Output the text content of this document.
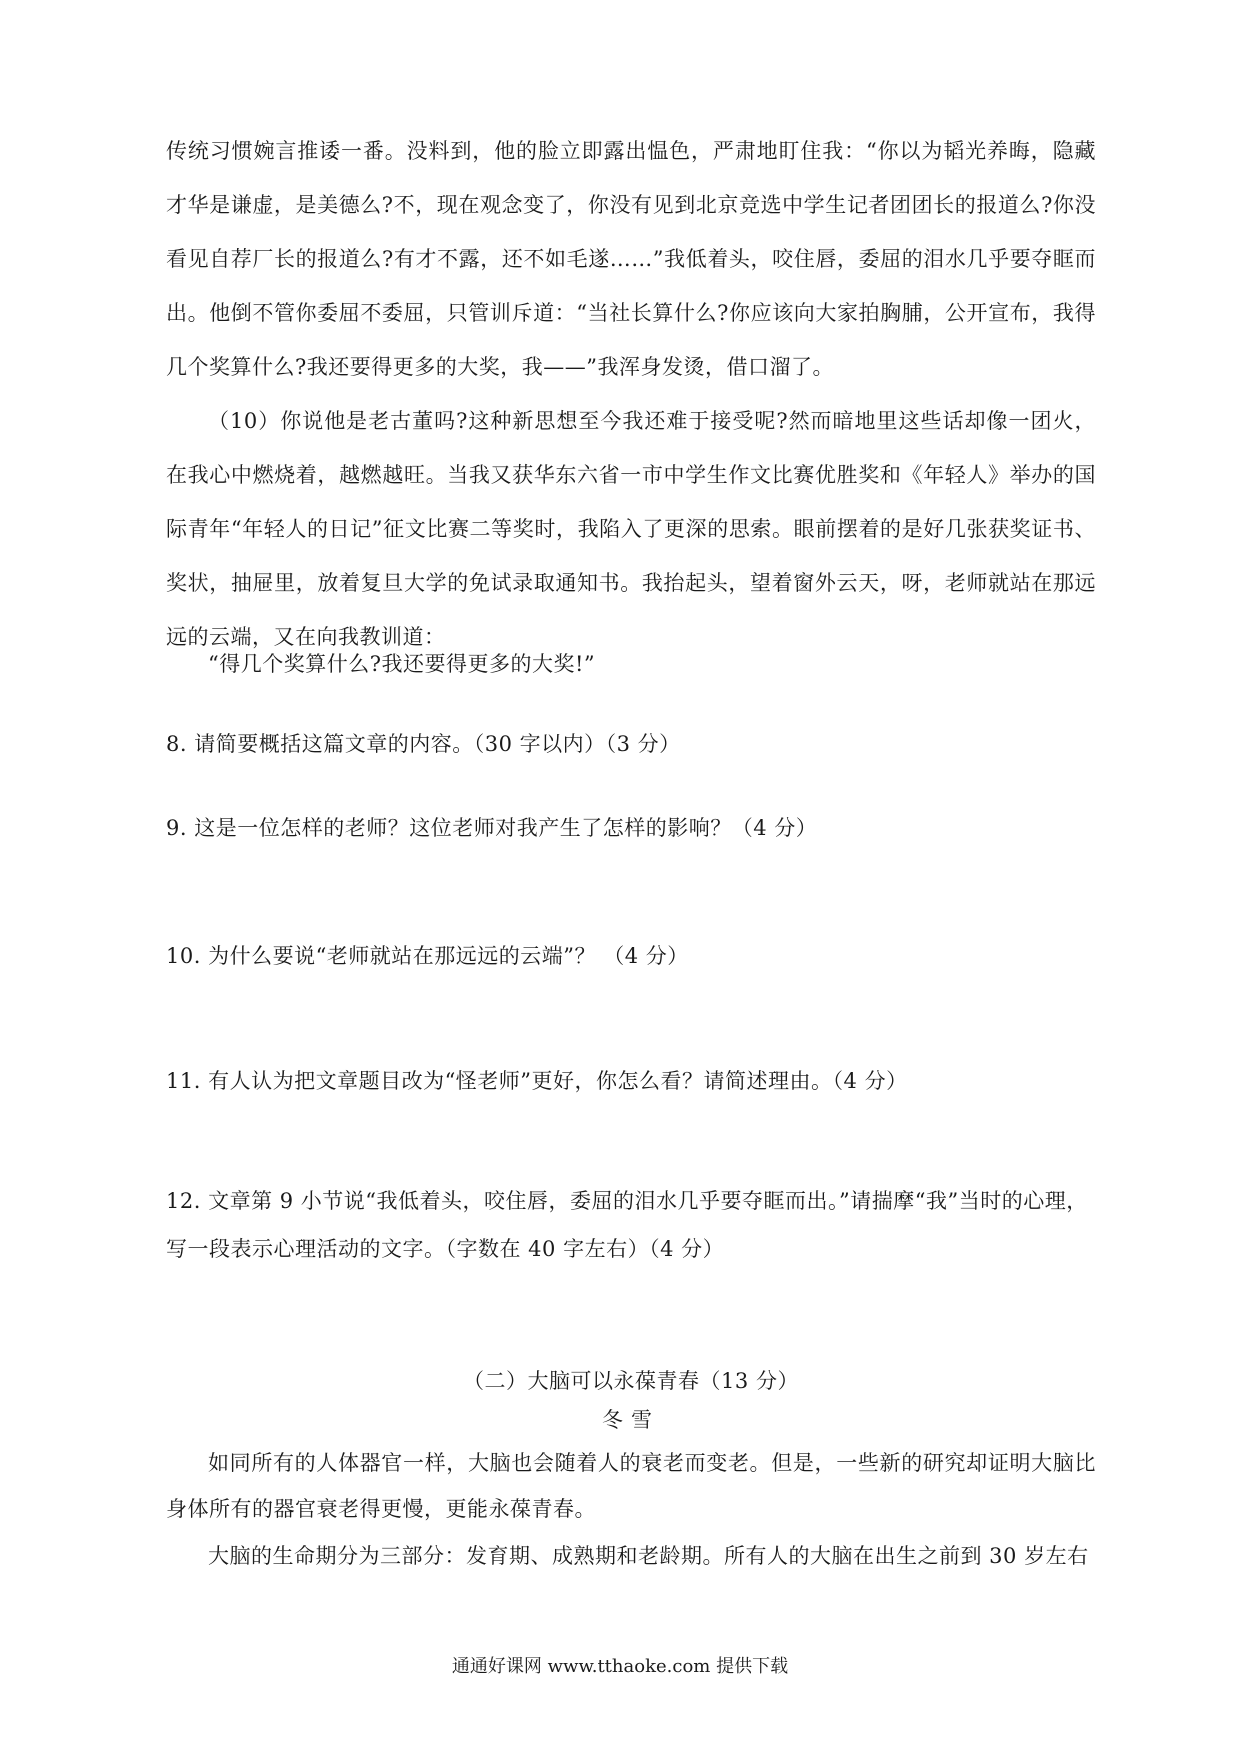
传统习惯婉言推诿一番。没料到，他的脸立即露出愠色，严肃地盯住我：“你以为韬光养晦，隐藏才华是谦虚，是美德么?不，现在观念变了，你没有见到北京竞选中学生记者团团长的报道么?你没看见自荐厂长的报道么?有才不露，还不如毛遂……”我低着头，咬住唇，委屈的泪水几乎要夺眶而出。他倒不管你委屈不委屈，只管训斥道：“当社长算什么?你应该向大家拍胸脯，公开宣布，我得几个奖算什么?我还要得更多的大奖，我——”我浑身发烫，借口溜了。

（10）你说他是老古董吗?这种新思想至今我还难于接受呢?然而暗地里这些话却像一团火，在我心中燃烧着，越燃越旺。当我又获华东六省一市中学生作文比赛优胜奖和《年轻人》举办的国际青年“年轻人的日记”征文比赛二等奖时，我陷入了更深的思索。眼前摆着的是好几张获奖证书、奖状，抽屉里，放着复旦大学的免试录取通知书。我抬起头，望着窗外云天，呀，老师就站在那远远的云端，又在向我教训道：

“得几个奖算什么?我还要得更多的大奖!”

8. 请简要概括这篇文章的内容。（30 字以内）（3 分）

9. 这是一位怎样的老师？这位老师对我产生了怎样的影响？（4 分）

10. 为什么要说“老师就站在那远远的云端”？ （4 分）

11. 有人认为把文章题目改为“怪老师”更好，你怎么看？请简述理由。（4 分）

12. 文章第 9 小节说“我低着头，咬住唇，委屈的泪水几乎要夺眶而出。”请揣摩“我”当时的心理，写一段表示心理活动的文字。（字数在 40 字左右）（4 分）

（二）大脑可以永葆青春（13 分）
冬雪

如同所有的人体器官一样，大脑也会随着人的衰老而变老。但是，一些新的研究却证明大脑比身体所有的器官衰老得更慢，更能永葆青春。

大脑的生命期分为三部分：发育期、成熟期和老龄期。所有人的大脑在出生之前到 30 岁左右

通通好课网 www.tthaoke.com 提供下载
